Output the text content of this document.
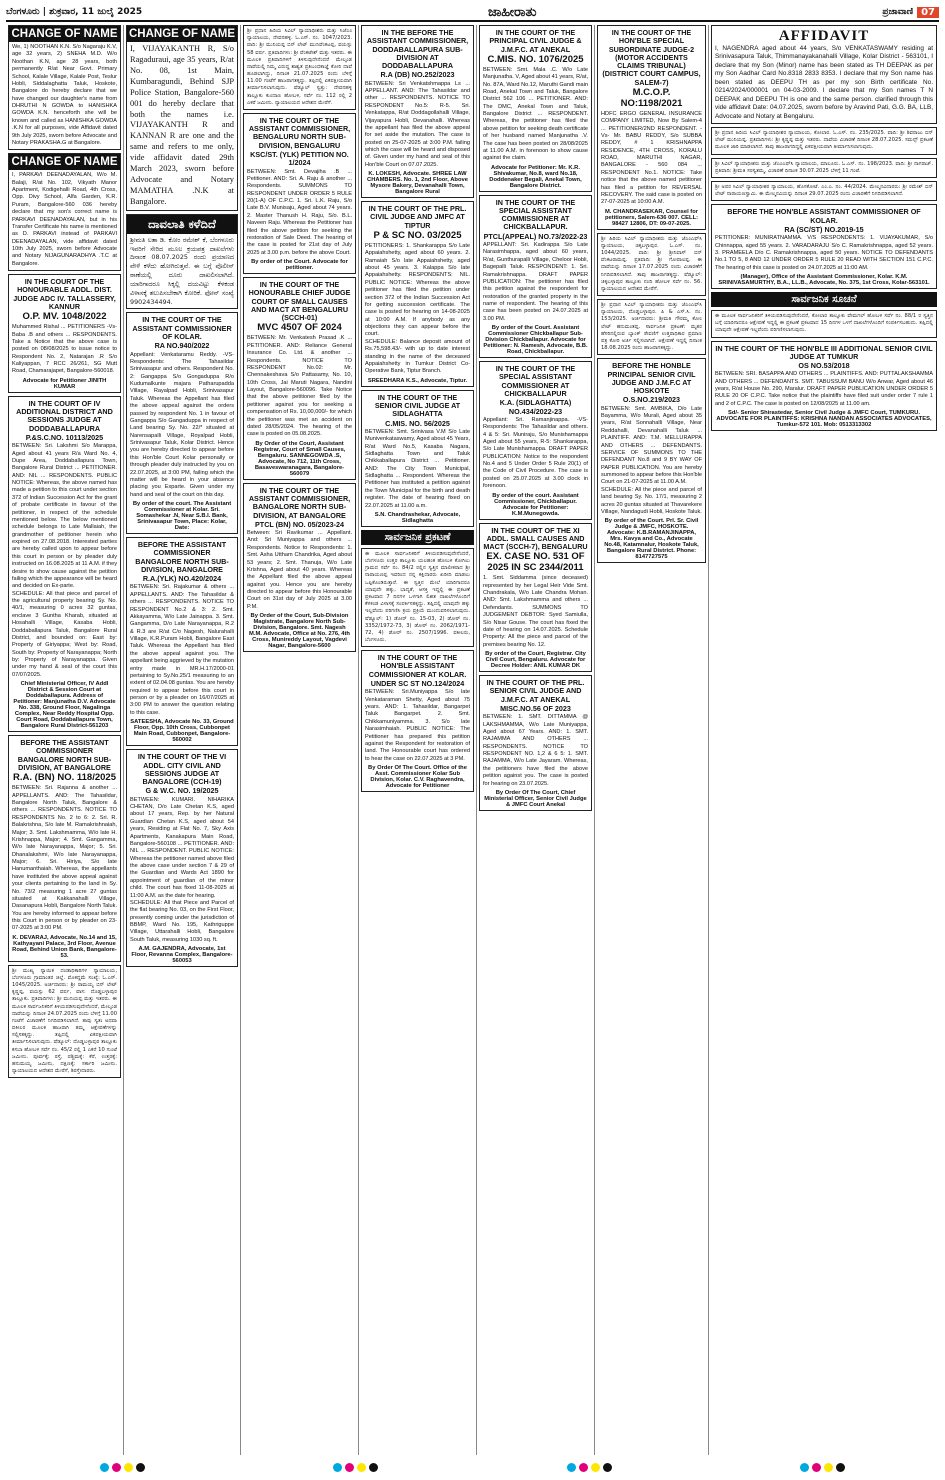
ಬೆಂಗಳೂರು | ಶುಕ್ರವಾರ, 11 ಜುಲೈ 2025	ಜಾಹೀರಾತು	ಪ್ರಜಾವಾಣಿ 07
CHANGE OF NAME

We, 1) NOOTHAN K.N. S/o Nagaraju K.V, age 32 years, 2) SNEHA M.D. W/o Noothan K.N, age 28 years, both permanently R/at Near Govt. Primary School, Kalale Village, Kalale Post, Teslur Hobli, Siddalaghatta Taluk, Hoskote, Bangalore do hereby declare that we have changed our daughter's name from DHRUTHI N GOWDA to HANISHKA GOWDA K.N. henceforth she will be known and called as HANISHKA GOWDA .K.N for all purposes, vide Affidavit dated 9th July 2025, sworn before Advocate and Notary PRAKASHA.G at Bangalore.

CHANGE OF NAME

I, PARKAVI DEENADAYALAN, W/o M. Balaji, R/at No. 102, Vikyath Manor Apartment, Kodigehalli Road, 4th Cross, Opp. Divy School, Alfa Garden, K.R. Puram, Bangalore-560 036 hereby declare that my son's correct name is PARKAVI DEENADAYALAN, but in his Transfer Certificate his name is mentioned as D. PARKAVI instead of PARKAVI DEENADAYALAN, vide affidavit dated 10th July 2025, sworn before Advocate and Notary NIJAGUNARADHYA .T.C at Bangalore.

IN THE COURT OF THE HONOURABLE ADDL. DIST. JUDGE ADC IV. TALLASSERY, KANNUR
O.P. MV. 1048/2022

Muhammed Rishal ... PETITIONERS -Vs- Baba .B and others ... RESPONDENTS. Take a Notice that the above case is posted on 08/08/2025 to issue notice to Respondent No. 2, Natarajan .R S/o Kaliyappan, 7 RCC 26/261, SG Mutt Road, Chamarajapet, Bangalore-560018.

Advocate for Petitioner JINITH KUMAR
IN THE COURT OF IV ADDITIONAL DISTRICT AND SESSIONS JUDGE AT DODDABALLAPURA
P.&S.C.NO. 10113/2025

BETWEEN: Sri. Lakshmi S/o Marappa, Aged about 41 years R/a Ward No. 4, Dupe Area, Doddaballapura Town, Bangalore Rural District ... PETITIONER. AND: NIL ... RESPONDENTS. PUBLIC NOTICE: Whereas, the above named has made a petition to this court under section 372 of Indian Succession Act for the grant of probate certificate in favour of the petitioner, in respect of the schedule mentioned below. The below mentioned schedule belongs to Late Mallaiah, the grandmother of petitioner herein who expired on 27.08.2018. Interested parties are hereby called upon to appear before this court in person or by pleader duly instructed on 16.08.2025 at 11 A.M. if they desire to show cause against the petition failing which the appearance will be heard and decided on Ex-parte.

SCHEDULE: All that piece and parcel of the agricultural property bearing Sy. No. 40/1, measuring 0 acres 32 guntas, enclave 3 Guntha Kharab, situated at Hosahalli Village, Kasaba Hobli, Doddaballapura Taluk, Bangalore Rural District, and bounded on: East by: Property of Giriyappa; West by: Road, South by: Property of Narayanappa; North by: Property of Narayanappa. Given under my hand & seal of the court this 07/07/2025.

Chief Ministerial Officer, IV Addl District & Session Court at Doddaballapura. Address of Petitioner: Manjunatha D.V. Advocate No. 338, Ground Floor, Nagalinga Complex, Near Reddy Hospital Opp. Court Road, Doddaballapura Town, Bangalore Rural District-561203
BEFORE THE ASSISTANT COMMISSIONER BANGALORE NORTH SUB-DIVISION, AT BANGALORE
R.A. (BN) NO. 118/2025

BETWEEN: Sri. Rajanna & another ... APPELLANTS. AND: The Tahasildar, Bangalore North Taluk, Bangalore & others ... RESPONDENTS. NOTICE TO RESPONDENTS No. 2 to 6: 2. Sri. R. Balakrishna, S/o late M. Ramakrishnaiah, Major; 3. Smt. Lakshmamma, W/o late H. Krishnappa, Major; 4. Smt. Gangamma, W/o late Narayanappa, Major; 5. Sri. Dhanalakshmi, W/o late Narayanappa, Major; 6. Sri. Hiriya, S/o late Hanumanthaiah. Whereas, the appellants have instituted the above appeal against your clients pertaining to the land in Sy. No. 73/2 measuring 1 acre 27 guntas situated at Kakkanahalli Village, Dasanapura Hobli, Bangalore North Taluk. You are hereby informed to appear before this Court in person or by pleader on 23-07-2025 at 3:00 PM.

K. DEVARAJ, Advocate, No.14 and 15, Kathyayani Palace, 3rd Floor, Avenue Road, Behind Union Bank, Bangalore-53.

ಶ್ರೀ ಮುಖ್ಯ ನ್ಯಾಯಿಕ ದಂಡಾಧಿಕಾರಿಗಳ ನ್ಯಾಯಾಲಯ, ಬೆಂಗಳೂರು ಗ್ರಾಮಾಂತರ ಜಿಲ್ಲೆ. ಮೊಕದ್ದಮೆ ಸಂಖ್ಯೆ: ಓ.ಎಸ್. 1045/2025. ಅರ್ಜಿದಾರರು: ಶ್ರೀ ರಾಮಯ್ಯ ಬಿನ್ ಲೇಟ್ ಕೃಷ್ಣಪ್ಪ, ವಯಸ್ಸು 62 ವರ್ಷ, ವಾಸ: ದೊಡ್ಡಬಳ್ಳಾಪುರ ತಾಲ್ಲೂಕು. ಪ್ರತಿವಾದಿಗಳು: ಶ್ರೀ ಮುನಿಯಪ್ಪ ಮತ್ತು ಇತರರು. ಈ ಮೂಲಕ ಸಾರ್ವಜನಿಕರಿಗೆ ತಿಳಿಯಪಡಿಸುವುದೇನೆಂದರೆ, ಮೇಲ್ಕಂಡ ದಾವೆಯನ್ನು ದಿನಾಂಕ 24.07.2025 ರಂದು ಬೆಳಿಗ್ಗೆ 11.00 ಗಂಟೆಗೆ ವಿಚಾರಣೆಗೆ ನಿಗದಿಪಡಿಸಲಾಗಿದೆ. ತಾವು ಸ್ವತಃ ಅಥವಾ ವಕೀಲರ ಮೂಲಕ ಹಾಜರಾಗಿ ತಮ್ಮ ಆಕ್ಷೇಪಣೆಗಳನ್ನು ಸಲ್ಲಿಸತಕ್ಕದ್ದು. ತಪ್ಪಿದಲ್ಲಿ ಏಕಪಕ್ಷೀಯವಾಗಿ ತೀರ್ಮಾನಿಸಲಾಗುವುದು. ಷೆಡ್ಯೂಲ್: ದೊಡ್ಡಬಳ್ಳಾಪುರ ತಾಲ್ಲೂಕು ಕಸಬಾ ಹೋಬಳಿ ಸರ್ವೆ ನಂ. 45/2 ರಲ್ಲಿ 1 ಎಕರೆ 10 ಗುಂಟೆ ಜಮೀನು. ಪೂರ್ವಕ್ಕೆ: ರಸ್ತೆ, ಪಶ್ಚಿಮಕ್ಕೆ: ಕೆರೆ, ಉತ್ತರಕ್ಕೆ: ಹನುಮಯ್ಯ ಜಮೀನು, ದಕ್ಷಿಣಕ್ಕೆ: ಸರ್ಕಾರಿ ಜಮೀನು. ನ್ಯಾಯಾಲಯದ ಆದೇಶದ ಮೇರೆಗೆ, ಶಿರಸ್ತೇದಾರರು.

CHANGE OF NAME

I, VIJAYAKANTH R, S/o Ragaduraui, age 35 years, R/at No. 08, 1st Main, Kumbaragundi, Behind SJP Police Station, Bangalore-560 001 do hereby declare that both the names i.e. VIJAYAKANTH R and KANNAN R are one and the same and refers to me only, vide affidavit dated 29th March 2023, sworn before Advocate and Notary MAMATHA .N.K at Bangalore.

ದಾವಲಾತಿ ಕಳೆದಿದೆ

ಶ್ರೀಮತಿ ಲತಾ ಡಿ. ಕೋಂ ರಮೇಶ್ ಕೆ, ಬೆಂಗಳೂರು ಇವರಿಗೆ ಸೇರಿದ ಮೂಲ ಕ್ರಯಪತ್ರ ದಾಖಲೆಗಳು ದಿನಾಂಕ 08.07.2025 ರಂದು ಪ್ರಯಾಣದ ವೇಳೆ ಕಳೆದು ಹೋಗಿರುತ್ತವೆ. ಈ ಬಗ್ಗೆ ಪೊಲೀಸ್ ಠಾಣೆಯಲ್ಲಿ ದೂರು ದಾಖಲಿಸಲಾಗಿದೆ. ಯಾರಿಗಾದರೂ ಸಿಕ್ಕಲ್ಲಿ ದಯವಿಟ್ಟು ಕೆಳಕಂಡ ವಿಳಾಸಕ್ಕೆ ತಲುಪಿಸಬೇಕಾಗಿ ಕೋರಿಕೆ. ಫೋನ್ ಸಂಖ್ಯೆ 9902434494.

IN THE COURT OF THE ASSISTANT COMMISSIONER OF KOLAR.
RA NO.940/2022

Appellant: Venkataramu Reddy. -VS- Respondents: The Tahasildar Srinivasapur and others. Respondent No. 2: Gangappa S/o Gongaduppa R/o Kudumalkunte majara Patharupadda Village, Rayalpad Hobli, Srinivasapur Taluk. Whereas the Appellant has filed the above appeal against the orders passed by respondent No. 1 in favour of Gangappa S/o Gangaduppa in respect of Land bearing Sy. No. 22/* situated at Narensapalli Village, Royalpad Hobli, Srinivasapur Taluk, Kolar District. Hence you are hereby directed to appear before this Hon'ble Court Kolar personally or through pleader duly instructed by you on 22.07.2025, at 3:00 PM, failing which the matter will be heard in your absence placing you Exparte. Given under my hand and seal of the court on this day.

By order of the court. The Assistant Commissioner at Kolar. Sri. Somashekar .N, Near S.B.I. Bank, Srinivasapur Town, Place: Kolar, Date:
BEFORE THE ASSISTANT COMMISSIONER BANGALORE NORTH SUB-DIVISION, BANGALORE
R.A.(YLK) NO.420/2024

BETWEEN: Sri. Rajakumar & others ... APPELLANTS. AND: The Tahasildar & others ... RESPONDENTS. NOTICE TO RESPONDENT No.2 & 3: 2. Smt. Akkayamma, W/o Late Jainappa. 3. Smt. Gangamma, D/o Late Narayanappa, R.2 & R.3 are R/at C/o Nagesh, Nalurahalli Village, K.R.Puram Hobli, Bangalore East Taluk. Whereas the Appellant has filed the above appeal against you. The appellant being aggrieved by the mutation entry made in MR.H.17/2000-01 pertaining to Sy.No.25/1 measuring to an extent of 02.04.08 guntas. You are hereby required to appear before this court in person or by a pleader on 16/07/2025 at 3:00 PM to answer the question relating to this case.

SATEESHA, Advocate No. 33, Ground Floor, Opp. 10th Cross, Cubbonpet Main Road, Cubbonpet, Bangalore-560002
IN THE COURT OF THE VI ADDL. CITY CIVIL AND SESSIONS JUDGE AT BANGALORE (CCH-19)
G & W.C. NO. 19/2025

BETWEEN: KUMARI. NIHARIKA CHETAN, D/o Late Chetan K.S, aged about 17 years, Rep. by her Natural Guardian Chetan K.S, aged about 54 years, Residing at Flat No. 7, Sky Axis Apartments, Kanakapura Main Road, Bangalore-560108 ... PETITIONER. AND: NIL ... RESPONDENT. PUBLIC NOTICE: Whereas the petitioner named above filed the above case under section 7 & 29 of the Guardian and Wards Act 1890 for appointment of guardian of the minor child. The court has fixed 11-08-2025 at 11:00 A.M. as the date for hearing.

SCHEDULE: All that Piece and Parcel of the flat bearing No. 03, on the First Floor, presently coming under the jurisdiction of BBMP, Ward No. 195, Kathriguppe Village, Uttarahalli Hobli, Bangalore South Taluk, measuring 1030 sq. ft.

A.M. GAJENDRA, Advocate, 1st Floor, Revanna Complex, Bangalore-560053

ಶ್ರೀ ಪ್ರಧಾನ ಹಿರಿಯ ಸಿವಿಲ್ ನ್ಯಾಯಾಧೀಶರು ಮತ್ತು ಸಿಜೆಎಂ ನ್ಯಾಯಾಲಯ, ದೇವನಹಳ್ಳಿ. ಓ.ಎಸ್. ನಂ. 1047/2023. ವಾದಿ: ಶ್ರೀ ಮುನಿಯಪ್ಪ ಬಿನ್ ಲೇಟ್ ಮುನಿವೆಂಕಟಪ್ಪ, ವಯಸ್ಸು 58 ವರ್ಷ. ಪ್ರತಿವಾದಿಗಳು: ಶ್ರೀ ವೆಂಕಟೇಶ್ ಮತ್ತು ಇತರರು. ಈ ಮೂಲಕ ಪ್ರತಿವಾದಿಗಳಿಗೆ ತಿಳಿಸುವುದೇನೆಂದರೆ ಮೇಲ್ಕಂಡ ದಾವೆಯಲ್ಲಿ ನಿಮ್ಮ ವಿರುದ್ಧ ಶಾಶ್ವತ ಪ್ರತಿಬಂಧಕಾಜ್ಞೆ ಕೋರಿ ದಾವೆ ಹೂಡಲಾಗಿದ್ದು, ದಿನಾಂಕ 21.07.2025 ರಂದು ಬೆಳಿಗ್ಗೆ 11.00 ಗಂಟೆಗೆ ಹಾಜರಾಗತಕ್ಕದ್ದು. ತಪ್ಪಿದಲ್ಲಿ ಏಕಪಕ್ಷೀಯವಾಗಿ ತೀರ್ಮಾನಿಸಲಾಗುವುದು. ಷೆಡ್ಯೂಲ್ ಸ್ವತ್ತು: ದೇವನಹಳ್ಳಿ ತಾಲ್ಲೂಕು ಕುಂದಾಣ ಹೋಬಳಿ, ಸರ್ವೆ ನಂ. 112 ರಲ್ಲಿ 2 ಎಕರೆ ಜಮೀನು. ನ್ಯಾಯಾಲಯದ ಆದೇಶದ ಮೇರೆಗೆ.

IN THE COURT OF THE ASSISTANT COMMISSIONER, BENGALURU NORTH SUB-DIVISION, BENGALURU
KSC/ST. (YLK) PETITION NO. 1/2024

BETWEEN: Smt. Devajiha .B ... Petitioner. AND: Sri. A. Raju & another ... Respondents. SUMMONS TO RESPONDENT UNDER ORDER 5 RULE 20(1-A) OF C.P.C. 1. Sri. L.K. Raju, S/o Late B.V. Munisaju, Aged about 74 years. 2. Master Thanush H. Raju, S/o. B.L. Naveen Raju. Whereas the Petitioner has filed the above petition for seeking the restoration of Sale Deed. The hearing of the case is posted for 21st day of July 2025 at 3.00 p.m. before the above Court.

By order of the Court. Advocate for petitioner.
IN THE COURT OF THE HONOURABLE CHIEF JUDGE COURT OF SMALL CAUSES AND MACT AT BENGALURU (SCCH-01)
MVC 4507 OF 2024

BETWEEN: Mr. Venkatesh Prasad .K ... PETITIONER. AND: Reliance General Insurance Co. Ltd. & another ... Respondents. NOTICE TO RESPONDENT No.02: Mr. Chennakeshava S/o Pattasamy, No. 10, 10th Cross, Jai Maruti Nagara, Nandini Layout, Bangalore-560096. Take Notice that the above petitioner filed by the petitioner against you for seeking a compensation of Rs. 10,00,000/- for which the petitioner was met an accident on dated 28/05/2024. The hearing of the case is posted on 05.08.2025.

By Order of the Court, Assistant Registrar, Court of Small Causes, Bengaluru. SANNEGOWDA .S, Advocate, No 712, 11th Cross, Basaveswaranagara, Bangalore-560079
IN THE COURT OF THE ASSISTANT COMMISSIONER, BANGALORE NORTH SUB-DIVISION, AT BANGALORE
PTCL (BN) NO. 05/2023-24

Between: Sri Ravikumar ... Appellant. And: Sri Muniyappa and others ... Respondents. Notice to Respondents: 1. Smt. Asha Uttham Chandrika, Aged about 53 years; 2. Smt. Thanuja, W/o Late Krishna, Aged about 40 years. Whereas the Appellant filed the above appeal against you. Hence you are hereby directed to appear before this Honourable Court on 31st day of July 2025 at 3.00 P.M.

By Order of the Court, Sub-Division Magistrate, Bangalore North Sub-Division, Bangalore. Smt. Nagesh M.M. Advocate, Office at No. 276, 4th Cross, Munireddy Layout, Vagdevi Nagar, Bangalore-5600
IN THE BEFORE THE ASSISTANT COMMISSIONER, DODDABALLAPURA SUB-DIVISION AT DODDABALLAPURA
R.A (DB) NO.252/2023

BETWEEN: Sri Venkatshmappa Ls ... APPELLANT. AND: The Tahasildar and other ... RESPONDENTS. NOTICE TO RESPONDENT No.5: R-5. Sri. Venkatappa, R/at Doddagollahalli Village, Vijayapura Hobli, Devanahalli. Whereas the appellant has filed the above appeal for set aside the mutation. The case is posted on 25-07-2025 at 3:00 P.M. failing which the case will be heard and disposed of. Given under my hand and seal of this Hon'ble Court on 07.07.2025.

K. LOKESH, Advocate. SHREE LAW CHAMBERS. No. 1, 2nd Floor, Above Mysore Bakery, Devanahalli Town, Bangalore Rural
IN THE COURT OF THE PRL. CIVIL JUDGE AND JMFC AT TIPTUR
P & SC NO. 03/2025

PETITIONERS: 1. Shankarappa S/o Late Appaiahshetty, aged about 60 years. 2. Ramaiah S/o late Appaiahshetty, aged about 45 years. 3. Kalappa S/o late Appaiahshetty. RESPONDENTS: NIL. PUBLIC NOTICE: Whereas the above petitioner has filed the petition under section 372 of the Indian Succession Act for getting succession certificate. The case is posted for hearing on 14-08-2025 at 10:00 A.M. If anybody as any objections they can appear before the court.

SCHEDULE: Balance deposit amount of Rs.75,598.43/- with up to date interest standing in the name of the deceased Appaiahshetty in Tumkur District Co-Operative Bank, Tiptur Branch.

SREEDHARA K.S., Advocate, Tiptur.
IN THE COURT OF THE SENIOR CIVIL JUDGE AT SIDLAGHATTA
C.MIS. NO. 56/2025

BETWEEN: Smt. Srinivasa V.M S/o Late Munivenkataswamy, Aged about 45 Years, R/at Ward No.5, Kasaba Nagara, Sidlaghatta Town and Taluk Chikkaballapura District ... Petitioner. AND: The City Town Municipal, Sidlaghatta ... Respondent. Whereas the Petitioner has instituted a petition against the Town Municipal for the birth and death register. The date of hearing fixed on 22.07.2025 at 11.00 a.m.

S.N. Chandrashekar, Advocate, Sidlaghatta
ಸಾರ್ವಜನಿಕ ಪ್ರಕಟಣೆ

ಈ ಮೂಲಕ ಸಾರ್ವಜನಿಕರಿಗೆ ತಿಳಿಯಪಡಿಸುವುದೇನೆಂದರೆ, ಬೆಂಗಳೂರು ಉತ್ತರ ತಾಲ್ಲೂಕು ಯಲಹಂಕ ಹೋಬಳಿ ಕೋಗಿಲು ಗ್ರಾಮದ ಸರ್ವೆ ನಂ. 84/2 ರಲ್ಲಿನ ಸ್ವತ್ತಿನ ಮಾಲೀಕರಾದ ಶ್ರೀ ನಾರಾಯಣಪ್ಪ ಇವರಿಂದ ನನ್ನ ಕಕ್ಷಿದಾರರು ಖರೀದಿ ಮಾಡಲು ಒಪ್ಪಿಕೊಂಡಿರುತ್ತಾರೆ. ಈ ಸ್ವತ್ತಿನ ಮೇಲೆ ಯಾರಿಗಾದರೂ ಯಾವುದೇ ಹಕ್ಕು, ಭಾದ್ಯತೆ, ಆಸಕ್ತಿ ಇದ್ದಲ್ಲಿ ಈ ಪ್ರಕಟಣೆ ಪ್ರಕಟವಾದ 7 ದಿನಗಳ ಒಳಗಾಗಿ ಲಿಖಿತ ದಾಖಲೆಗಳೊಂದಿಗೆ ಕೆಳಕಂಡ ವಿಳಾಸಕ್ಕೆ ಸಂಪರ್ಕಿಸತಕ್ಕದ್ದು. ತಪ್ಪಿದಲ್ಲಿ ಯಾವುದೇ ಹಕ್ಕು ಇಲ್ಲವೆಂದು ಪರಿಗಣಿಸಿ ಕ್ರಯ ಪ್ರಕ್ರಿಯೆ ಮುಂದುವರಿಸಲಾಗುವುದು. ಷೆಡ್ಯೂಲ್: 1) ಡೋರ್ ನಂ. 15-03, 2) ಡೋರ್ ನಂ. 3352/1972-73, 3) ಡೋರ್ ನಂ. 2062/1971-72, 4) ಡೋರ್ ನಂ. 2507/1996. ವಕೀಲರು, ಬೆಂಗಳೂರು.

IN THE COURT OF THE HON'BLE ASSISTANT COMMISSIONER AT KOLAR.
UNDER SC ST NO.124/2024

BETWEEN: Sri.Muniyappa S/o late Venkataraman Shetty, Aged about 75 years. AND: 1. Tahasildar, Bangarpet Taluk Bangarpet. 2. Smt. Chikkamuniyamma. 3. S/o late Narasimhaiah. PUBLIC NOTICE: The Petitioner has prepared this petition against the Respondent for restoration of land. The Honourable court has ordered to hear the case on 22.07.2025 at 3 PM.

By Order Of The Court. Office of the Asst. Commissioner Kolar Sub Division, Kolar. C.V. Raghavendra, Advocate for Petitioner
IN THE COURT OF THE PRINCIPAL CIVIL JUDGE & J.M.F.C. AT ANEKAL
C.MIS. NO. 1076/2025

BETWEEN: Smt. Mala .C. W/o Late Manjunatha. V, Aged about 41 years, R/at, No. 87A, Ward No.12, Maruthi Gandi main Road, Anekal Town and Taluk, Bangalore District 562 106 ... PETITIONER. AND: The DMC, Anekal Town and Taluk, Bangalore District ... RESPONDENT. Whereas, the petitioner has filed the above petition for seeking death certificate of her husband named Manjunatha .V. The case has been posted on 28/08/2025 at 11.00 A.M. in forenoon to show cause against the claim.

Advocate for Petitioner: Mr. K.R. Shivakumar, No.8, ward No.18, Doddenaker Begali, Anekal Town, Bangalore District.
IN THE COURT OF THE SPECIAL ASSISTANT COMMISSIONER AT CHICKBALLAPUR.
PTCL(APPEAL) NO.73/2022-23

APPELLANT: Sri. Kadirappa S/o Late Narasimhappa, aged about 60 years, R/at, Gunthurapalli Village, Cheloor Hobli, Bagepalli Taluk. RESPONDENT: 1. Sri. Ramakrishnappa. DRAFT PAPER PUBLICATION: The petitioner has filed this petition against the respondent for restoration of the granted property in the name of respondent. The hearing of this case has been posted on 24.07.2025 at 3.00 PM.

By order of the Court. Assistant Commissioner Chickballapur Sub-Division Chickballapur. Advocate for Petitioner: N. Ramesh, Advocate, B.B. Road, Chickballapur.
IN THE COURT OF THE SPECIAL ASSISTANT COMMISSIONER AT CHICKBALLAPUR
K.A. (SIDLAGHATTA) NO.434/2022-23

Appellant: Sri. Ramanjinappa. -VS- Respondents: The Tahasildar and others. 4 & 5: Sri. Muniraju, S/o Munishamappa Aged about 55 years, R-5: Shankarappa, S/o Late Munishamappa. DRAFT PAPER PUBLICATION: Notice to the respondent No.4 and 5 Under Order 5 Rule 20(1) of the Code of Civil Procedure. The case is posted on 25.07.2025 at 3.00 clock in forenoon.

By order of the court. Assistant Commissioner, Chickballapur. Advocate for Petitioner: K.M.Munegowda.
IN THE COURT OF THE XI ADDL. SMALL CAUSES AND MACT (SCCH-7), BENGALURU
EX. CASE NO. 531 OF 2025 IN SC 2344/2011

1. Smt. Siddamma (since deceased) represented by her Legal Heir Vide Smt. Chandrakala, W/o Late Chandra Mohan. AND: Smt. Lakshmamma and others ... Defendants. SUMMONS TO JUDGEMENT DEBTOR: Syed Samiulla, S/o Nisar Gouse. The court has fixed the date of hearing on 14.07.2025. Schedule Property: All the piece and parcel of the premises bearing No. 12.

By order of the Court, Registrar. City Civil Court, Bengaluru. Advocate for Decree Holder: ANIL KUMAR DK
IN THE COURT OF THE PRL. SENIOR CIVIL JUDGE AND J.M.F.C. AT ANEKAL
MISC.NO.56 OF 2023

BETWEEN: 1. SMT. DITTAMMA @ LAKSHMAMMA, W/o Late Muniyappa, Aged about 67 Years. AND: 1. SMT. RAJAMMA AND OTHERS ... RESPONDENTS. NOTICE TO RESPONDENT NO. 1,2 & 6 5: 1. SMT. RAJAMMA, W/o Late Jayaram. Whereas, the petitioners have filed the above petition against you. The case is posted for hearing on 23.07.2025.

By Order Of The Court, Chief Ministerial Officer, Senior Civil Judge & JMFC Court Anekal
IN THE COURT OF THE HON'BLE SPECIAL SUBORDINATE JUDGE-2 (MOTOR ACCIDENTS CLAIMS TRIBUNAL) (DISTRICT COURT CAMPUS, SALEM-7)
M.C.O.P. NO:1198/2021

HDFC ERGO GENERAL INSURANCE COMPANY LIMITED, Now By Salem-4 ... PETITIONER/2ND RESPONDENT. -Vs- Mr. BABU REDDY, S/o SUBBA REDDY, # 1 KRISHNAPPA RESIDENCE, 4TH CROSS, KORALU ROAD, MARUTHI NAGAR, BANGALORE - 560 084 ... RESPONDENT No.1. NOTICE: Take notice that the above named petitioner has filed a petition for REVERSAL RECOVERY. The said case is posted on 27-07-2025 at 10:00 A.M.

M. CHANDRASEKAR, Counsel for petitioners, Salem-636 007. CELL: 98427 12806, DT: 09-07-2025.

ಶ್ರೀ ಹಿರಿಯ ಸಿವಿಲ್ ನ್ಯಾಯಾಧೀಶರು ಮತ್ತು ಜೆಎಂಎಫ್‌ಸಿ ನ್ಯಾಯಾಲಯ, ಚಿಕ್ಕಬಳ್ಳಾಪುರ. ಓ.ಎಸ್. ನಂ. 1044/2025. ವಾದಿ: ಶ್ರೀ ಶ್ರೀನಿವಾಸ್ ಬಿನ್ ವೆಂಕಟರಾಮಪ್ಪ. ಪ್ರತಿವಾದಿ: ಶ್ರೀ ಗೋಪಾಲಪ್ಪ. ಈ ದಾವೆಯನ್ನು ದಿನಾಂಕ 17.07.2025 ರಂದು ವಿಚಾರಣೆಗೆ ನಿಗದಿಪಡಿಸಲಾಗಿದೆ. ತಾವು ಹಾಜರಾಗತಕ್ಕದ್ದು. ಷೆಡ್ಯೂಲ್: ಚಿಕ್ಕಬಳ್ಳಾಪುರ ತಾಲ್ಲೂಕು ನಂದಿ ಹೋಬಳಿ ಸರ್ವೆ ನಂ. 56. ನ್ಯಾಯಾಲಯದ ಆದೇಶದ ಮೇರೆಗೆ.

ಶ್ರೀ ಪ್ರಧಾನ ಸಿವಿಲ್ ನ್ಯಾಯಾಧೀಶರು ಮತ್ತು ಜೆಎಂಎಫ್‌ಸಿ ನ್ಯಾಯಾಲಯ, ದೊಡ್ಡಬಳ್ಳಾಪುರ. ಪಿ & ಎಸ್.ಸಿ. ನಂ. 153/2025. ಅರ್ಜಿದಾರರು: ಶ್ರೀಮತಿ ಗೌರಮ್ಮ ಕೋಂ ಲೇಟ್ ಹನುಮಂತಪ್ಪ. ಸಾರ್ವಜನಿಕ ಪ್ರಕಟಣೆ: ಮೃತರ ಹೆಸರಿನಲ್ಲಿರುವ ಬ್ಯಾಂಕ್ ಠೇವಣಿಗೆ ಉತ್ತರಾಧಿಕಾರ ಪ್ರಮಾಣ ಪತ್ರ ಕೋರಿ ಅರ್ಜಿ ಸಲ್ಲಿಸಲಾಗಿದೆ. ಆಕ್ಷೇಪಣೆ ಇದ್ದಲ್ಲಿ ದಿನಾಂಕ 18.08.2025 ರಂದು ಹಾಜರಾಗತಕ್ಕದ್ದು.

BEFORE THE HONBLE PRINCIPAL SENIOR CIVIL JUDGE AND J.M.F.C AT HOSKOTE
O.S.NO.219/2023

BETWEEN: Smt. AMBIKA, D/o Late Bayamma, W/o Murali, Aged about 35 years, R/at Sonnahalli Village, Near Reddahalli, Devanahalli Taluk ... PLAINTIFF. AND: T.M. MELLURAPPA AND OTHERS ... DEFENDANTS. SERVICE OF SUMMONS TO THE DEFENDANT No.8 and 9 BY WAY OF PAPER PUBLICATION. You are hereby summoned to appear before this Hon'ble Court on 21-07-2025 at 11.00 A.M.

SCHEDULE: All the piece and parcel of land bearing Sy. No. 17/1, measuring 2 acres 20 guntas situated at Thavarekere Village, Nandagudi Hobli, Hoskote Taluk.

By order of the Court. Prl. Sr. Civil Judge & JMFC, HOSKOTE. Advocate: K.B.RAMANJINAPPA, Mrs. Kavya and Co., Advocate No.48, Katamnalur, Hoskote Taluk, Bangalore Rural District. Phone: 8147727575
AFFIDAVIT

I, NAGENDRA aged about 44 years, S/o VENKATASWAMY residing at Srinivasapura Taluk, Thimmanayakanahalli Village, Kolar District - 563101, I declare that my Son (Minor) name has been stated as TH DEEPAK as per my Son Aadhar Card No.8318 2833 8353. I declare that my Son name has been stated as DEEPU TH as per my son Birth certificate No. 0214/2024/000001 on 04-03-2009. I declare that my Son names T N DEEPAK and DEEPU TH is one and the same person. clarified through this vide affidavit Date: 04.07.2025, sworn before by Aravind Pati, G.G. BA, LLB, Advocate and Notary at Bengaluru.

ಶ್ರೀ ಪ್ರಧಾನ ಹಿರಿಯ ಸಿವಿಲ್ ನ್ಯಾಯಾಧೀಶರ ನ್ಯಾಯಾಲಯ, ಕೋಲಾರ. ಓ.ಎಸ್. ನಂ. 235/2025. ವಾದಿ: ಶ್ರೀ ಶಿವರಾಜು ಬಿನ್ ಲೇಟ್ ಮುನಿಯಪ್ಪ. ಪ್ರತಿವಾದಿಗಳು: ಶ್ರೀ ಕೃಷ್ಣಪ್ಪ ಮತ್ತು ಇತರರು. ದಾವೆಯ ವಿಚಾರಣೆ ದಿನಾಂಕ 28.07.2025. ಸಮನ್ಸ್ ಪ್ರಕಟಣೆ ಮೂಲಕ ಜಾರಿ ಮಾಡಲಾಗಿದೆ. ತಾವು ಹಾಜರಾಗದಿದ್ದಲ್ಲಿ ಏಕಪಕ್ಷೀಯವಾಗಿ ತೀರ್ಮಾನಿಸಲಾಗುವುದು.

ಶ್ರೀ ಸಿವಿಲ್ ನ್ಯಾಯಾಧೀಶರು ಮತ್ತು ಜೆಎಂಎಫ್‌ಸಿ ನ್ಯಾಯಾಲಯ, ಮಾಲೂರು. ಓ.ಎಸ್. ನಂ. 198/2023. ವಾದಿ: ಶ್ರೀ ನಾಗರಾಜ್. ಪ್ರತಿವಾದಿ: ಶ್ರೀಮತಿ ಸರಸ್ವತಮ್ಮ. ವಿಚಾರಣೆ ದಿನಾಂಕ 30.07.2025 ಬೆಳಿಗ್ಗೆ 11 ಗಂಟೆ.

ಶ್ರೀ ಅಪರ ಸಿವಿಲ್ ನ್ಯಾಯಾಧೀಶರ ನ್ಯಾಯಾಲಯ, ಹೊಸಕೋಟೆ. ಎಂ.ಎ. ನಂ. 44/2024. ಮೇಲ್ಮನವಿದಾರರು: ಶ್ರೀ ರಮೇಶ್ ಬಿನ್ ಲೇಟ್ ನಾರಾಯಣಸ್ವಾಮಿ. ಈ ಮೇಲ್ಮನವಿಯನ್ನು ದಿನಾಂಕ 29.07.2025 ರಂದು ವಿಚಾರಣೆಗೆ ನಿಗದಿಪಡಿಸಲಾಗಿದೆ.

BEFORE THE HON'BLE ASSISTANT COMMISSIONER OF KOLAR.
RA (SC/ST) NO.2019-15

PETITIONER: MUNIRATNAMMA. V/S RESPONDENTS: 1. VIJAYAKUMAR, S/o Chinnappa, aged 55 years. 2. VARADARAJU S/o C. Ramakrishnappa, aged 52 years. 3. PRAMEELA D/o C. Ramakrishnappa, aged 50 years. NOTICE TO DEFENDANTS No.1 TO 5, 8 AND 12 UNDER ORDER 5 RULE 20 READ WITH SECTION 151 C.P.C. The hearing of this case is posted on 24.07.2025 at 11:00 AM.

(Manager), Office of the Assistant Commissioner, Kolar. K.M. SRINIVASAMURTHY, B.A., LL.B., Advocate, No. 375, 1st Cross, Kolar-563101.
ಸಾರ್ವಜನಿಕ ಸೂಚನೆ

ಈ ಮೂಲಕ ಸಾರ್ವಜನಿಕರಿಗೆ ತಿಳಿಯಪಡಿಸುವುದೇನೆಂದರೆ, ಕೋಲಾರ ತಾಲ್ಲೂಕು ವೇಮಗಲ್ ಹೋಬಳಿ ಸರ್ವೆ ನಂ. 88/1 ರ ಸ್ವತ್ತಿನ ಬಗ್ಗೆ ಯಾರಿಗಾದರೂ ಆಕ್ಷೇಪಣೆ ಇದ್ದಲ್ಲಿ ಈ ಪ್ರಕಟಣೆ ಪ್ರಕಟವಾದ 15 ದಿನಗಳ ಒಳಗೆ ದಾಖಲೆಗಳೊಂದಿಗೆ ಸಂಪರ್ಕಿಸಬಹುದು. ತಪ್ಪಿದಲ್ಲಿ ಯಾವುದೇ ಆಕ್ಷೇಪಣೆ ಇಲ್ಲವೆಂದು ಪರಿಗಣಿಸಲಾಗುವುದು.

IN THE COURT OF THE HON'BLE III ADDITIONAL SENIOR CIVIL JUDGE AT TUMKUR
OS NO.53/2018

BETWEEN: SRI. BASAPPA AND OTHERS ... PLAINTIFFS. AND: PUTTALAKSHAMMA AND OTHERS ... DEFENDANTS. SMT. TABUSSUM BANU W/o Anwar, Aged about 46 years, R/at House No. 290, Maralur. DRAFT PAPER PUBLICATION UNDER ORDER 5 RULE 20 OF C.P.C. Take notice that the plaintiffs have filed suit under order 7 rule 1 and 2 of C.P.C. The case is posted on 12/08/2025 at 11.00 am.

Sd/- Senior Shirastedar, Senior Civil Judge & JMFC Court, TUMKURU. ADVOCATE FOR PLAINTIFFS: KRISHNA NANDAN ASSOCIATES ADVOCATES, Tumkur-572 101. Mob: 0513313302
